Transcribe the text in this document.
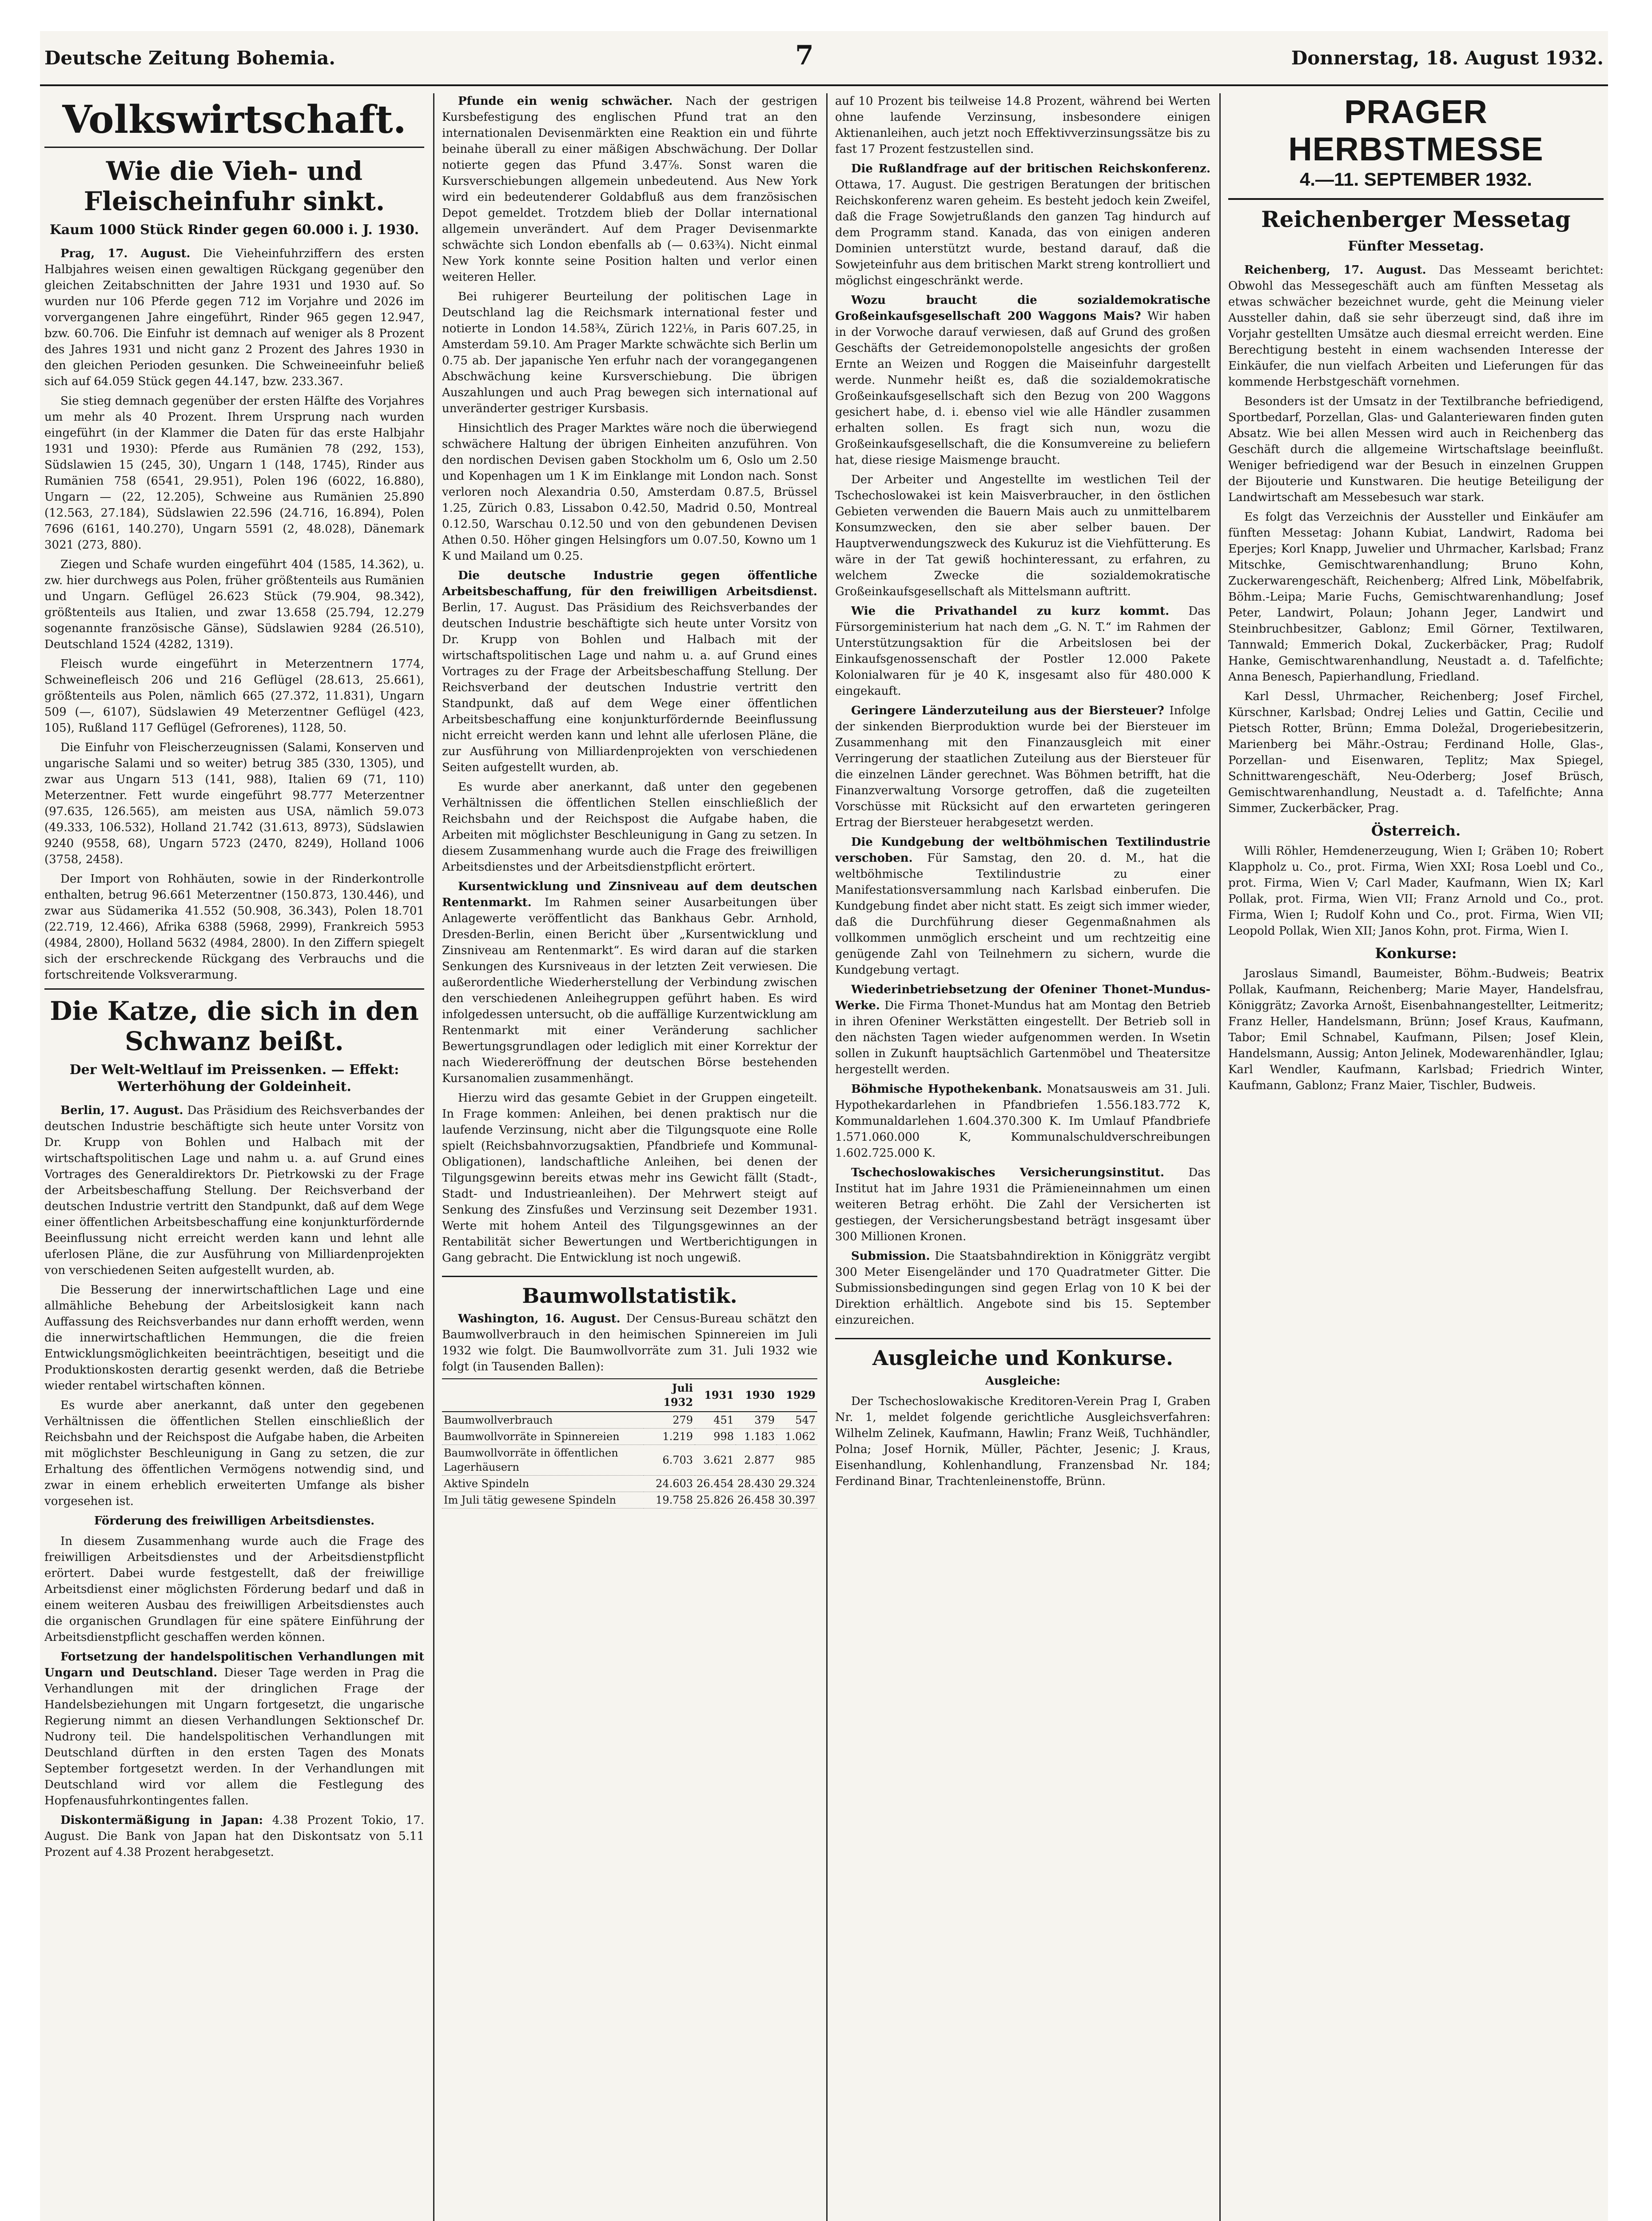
Deutsche Zeitung Bohemia.	7	Donnerstag, 18. August 1932.
Volkswirtschaft.
Wie die Vieh- und Fleischeinfuhr sinkt.
Kaum 1000 Stück Rinder gegen 60.000 i. J. 1930.

Prag, 17. August. Die Vieheinfuhrziffern des ersten Halbjahres weisen einen gewaltigen Rückgang gegenüber den gleichen Zeitabschnitten der Jahre 1931 und 1930 auf. So wurden nur 106 Pferde gegen 712 im Vorjahre und 2026 im vorvergangenen Jahre eingeführt, Rinder 965 gegen 12.947, bzw. 60.706. Die Einfuhr ist demnach auf weniger als 8 Prozent des Jahres 1931 und nicht ganz 2 Prozent des Jahres 1930 in den gleichen Perioden gesunken. Die Schweineeinfuhr beließ sich auf 64.059 Stück gegen 44.147, bzw. 233.367.

Sie stieg demnach gegenüber der ersten Hälfte des Vorjahres um mehr als 40 Prozent. Ihrem Ursprung nach wurden eingeführt (in der Klammer die Daten für das erste Halbjahr 1931 und 1930): Pferde aus Rumänien 78 (292, 153), Südslawien 15 (245, 30), Ungarn 1 (148, 1745), Rinder aus Rumänien 758 (6541, 29.951), Polen 196 (6022, 16.880), Ungarn — (22, 12.205), Schweine aus Rumänien 25.890 (12.563, 27.184), Südslawien 22.596 (24.716, 16.894), Polen 7696 (6161, 140.270), Ungarn 5591 (2, 48.028), Dänemark 3021 (273, 880).

Ziegen und Schafe wurden eingeführt 404 (1585, 14.362), u. zw. hier durchwegs aus Polen, früher größtenteils aus Rumänien und Ungarn. Geflügel 26.623 Stück (79.904, 98.342), größtenteils aus Italien, und zwar 13.658 (25.794, 12.279 sogenannte französische Gänse), Südslawien 9284 (26.510), Deutschland 1524 (4282, 1319).

Fleisch wurde eingeführt in Meterzentnern 1774, Schweinefleisch 206 und 216 Geflügel (28.613, 25.661), größtenteils aus Polen, nämlich 665 (27.372, 11.831), Ungarn 509 (—, 6107), Südslawien 49 Meterzentner Geflügel (423, 105), Rußland 117 Geflügel (Gefrorenes), 1128, 50.

Die Einfuhr von Fleischerzeugnissen (Salami, Konserven und ungarische Salami und so weiter) betrug 385 (330, 1305), und zwar aus Ungarn 513 (141, 988), Italien 69 (71, 110) Meterzentner. Fett wurde eingeführt 98.777 Meterzentner (97.635, 126.565), am meisten aus USA, nämlich 59.073 (49.333, 106.532), Holland 21.742 (31.613, 8973), Südslawien 9240 (9558, 68), Ungarn 5723 (2470, 8249), Holland 1006 (3758, 2458).

Der Import von Rohhäuten, sowie in der Rinderkontrolle enthalten, betrug 96.661 Meterzentner (150.873, 130.446), und zwar aus Südamerika 41.552 (50.908, 36.343), Polen 18.701 (22.719, 12.466), Afrika 6388 (5968, 2999), Frankreich 5953 (4984, 2800), Holland 5632 (4984, 2800). In den Ziffern spiegelt sich der erschreckende Rückgang des Verbrauchs und die fortschreitende Volksverarmung.

Die Katze, die sich in den Schwanz beißt.
Der Welt-Weltlauf im Preissenken. — Effekt: Werterhöhung der Goldeinheit.

Berlin, 17. August. Das Präsidium des Reichsverbandes der deutschen Industrie beschäftigte sich heute unter Vorsitz von Dr. Krupp von Bohlen und Halbach mit der wirtschaftspolitischen Lage und nahm u. a. auf Grund eines Vortrages des Generaldirektors Dr. Pietrkowski zu der Frage der Arbeitsbeschaffung Stellung. Der Reichsverband der deutschen Industrie vertritt den Standpunkt, daß auf dem Wege einer öffentlichen Arbeitsbeschaffung eine konjunkturfördernde Beeinflussung nicht erreicht werden kann und lehnt alle uferlosen Pläne, die zur Ausführung von Milliardenprojekten von verschiedenen Seiten aufgestellt wurden, ab.

Die Besserung der innerwirtschaftlichen Lage und eine allmähliche Behebung der Arbeitslosigkeit kann nach Auffassung des Reichsverbandes nur dann erhofft werden, wenn die innerwirtschaftlichen Hemmungen, die die freien Entwicklungsmöglichkeiten beeinträchtigen, beseitigt und die Produktionskosten derartig gesenkt werden, daß die Betriebe wieder rentabel wirtschaften können.

Es wurde aber anerkannt, daß unter den gegebenen Verhältnissen die öffentlichen Stellen einschließlich der Reichsbahn und der Reichspost die Aufgabe haben, die Arbeiten mit möglichster Beschleunigung in Gang zu setzen, die zur Erhaltung des öffentlichen Vermögens notwendig sind, und zwar in einem erheblich erweiterten Umfange als bisher vorgesehen ist.

Förderung des freiwilligen Arbeitsdienstes.

In diesem Zusammenhang wurde auch die Frage des freiwilligen Arbeitsdienstes und der Arbeitsdienstpflicht erörtert. Dabei wurde festgestellt, daß der freiwillige Arbeitsdienst einer möglichsten Förderung bedarf und daß in einem weiteren Ausbau des freiwilligen Arbeitsdienstes auch die organischen Grundlagen für eine spätere Einführung der Arbeitsdienstpflicht geschaffen werden können.

Fortsetzung der handelspolitischen Verhandlungen mit Ungarn und Deutschland. Dieser Tage werden in Prag die Verhandlungen mit der dringlichen Frage der Handelsbeziehungen mit Ungarn fortgesetzt, die ungarische Regierung nimmt an diesen Verhandlungen Sektionschef Dr. Nudrony teil. Die handelspolitischen Verhandlungen mit Deutschland dürften in den ersten Tagen des Monats September fortgesetzt werden. In der Verhandlungen mit Deutschland wird vor allem die Festlegung des Hopfenausfuhrkontingentes fallen.

Diskontermäßigung in Japan: 4.38 Prozent Tokio, 17. August. Die Bank von Japan hat den Diskontsatz von 5.11 Prozent auf 4.38 Prozent herabgesetzt.

Pfunde ein wenig schwächer. Nach der gestrigen Kursbefestigung des englischen Pfund trat an den internationalen Devisenmärkten eine Reaktion ein und führte beinahe überall zu einer mäßigen Abschwächung. Der Dollar notierte gegen das Pfund 3.47⅞. Sonst waren die Kursverschiebungen allgemein unbedeutend. Aus New York wird ein bedeutenderer Goldabfluß aus dem französischen Depot gemeldet. Trotzdem blieb der Dollar international allgemein unverändert. Auf dem Prager Devisenmarkte schwächte sich London ebenfalls ab (— 0.63¾). Nicht einmal New York konnte seine Position halten und verlor einen weiteren Heller.

Bei ruhigerer Beurteilung der politischen Lage in Deutschland lag die Reichsmark international fester und notierte in London 14.58¾, Zürich 122⅛, in Paris 607.25, in Amsterdam 59.10. Am Prager Markte schwächte sich Berlin um 0.75 ab. Der japanische Yen erfuhr nach der vorangegangenen Abschwächung keine Kursverschiebung. Die übrigen Auszahlungen und auch Prag bewegen sich international auf unveränderter gestriger Kursbasis.

Hinsichtlich des Prager Marktes wäre noch die überwiegend schwächere Haltung der übrigen Einheiten anzuführen. Von den nordischen Devisen gaben Stockholm um 6, Oslo um 2.50 und Kopenhagen um 1 K im Einklange mit London nach. Sonst verloren noch Alexandria 0.50, Amsterdam 0.87.5, Brüssel 1.25, Zürich 0.83, Lissabon 0.42.50, Madrid 0.50, Montreal 0.12.50, Warschau 0.12.50 und von den gebundenen Devisen Athen 0.50. Höher gingen Helsingfors um 0.07.50, Kowno um 1 K und Mailand um 0.25.

Die deutsche Industrie gegen öffentliche Arbeitsbeschaffung, für den freiwilligen Arbeitsdienst. Berlin, 17. August. Das Präsidium des Reichsverbandes der deutschen Industrie beschäftigte sich heute unter Vorsitz von Dr. Krupp von Bohlen und Halbach mit der wirtschaftspolitischen Lage und nahm u. a. auf Grund eines Vortrages zu der Frage der Arbeitsbeschaffung Stellung. Der Reichsverband der deutschen Industrie vertritt den Standpunkt, daß auf dem Wege einer öffentlichen Arbeitsbeschaffung eine konjunkturfördernde Beeinflussung nicht erreicht werden kann und lehnt alle uferlosen Pläne, die zur Ausführung von Milliardenprojekten von verschiedenen Seiten aufgestellt wurden, ab.

Es wurde aber anerkannt, daß unter den gegebenen Verhältnissen die öffentlichen Stellen einschließlich der Reichsbahn und der Reichspost die Aufgabe haben, die Arbeiten mit möglichster Beschleunigung in Gang zu setzen. In diesem Zusammenhang wurde auch die Frage des freiwilligen Arbeitsdienstes und der Arbeitsdienstpflicht erörtert.

Kursentwicklung und Zinsniveau auf dem deutschen Rentenmarkt. Im Rahmen seiner Ausarbeitungen über Anlagewerte veröffentlicht das Bankhaus Gebr. Arnhold, Dresden-Berlin, einen Bericht über „Kursentwicklung und Zinsniveau am Rentenmarkt“. Es wird daran auf die starken Senkungen des Kursniveaus in der letzten Zeit verwiesen. Die außerordentliche Wiederherstellung der Verbindung zwischen den verschiedenen Anleihegruppen geführt haben. Es wird infolgedessen untersucht, ob die auffällige Kurzentwicklung am Rentenmarkt mit einer Veränderung sachlicher Bewertungsgrundlagen oder lediglich mit einer Korrektur der nach Wiedereröffnung der deutschen Börse bestehenden Kursanomalien zusammenhängt.

Hierzu wird das gesamte Gebiet in der Gruppen eingeteilt. In Frage kommen: Anleihen, bei denen praktisch nur die laufende Verzinsung, nicht aber die Tilgungsquote eine Rolle spielt (Reichsbahnvorzugsaktien, Pfandbriefe und Kommunal-Obligationen), landschaftliche Anleihen, bei denen der Tilgungsgewinn bereits etwas mehr ins Gewicht fällt (Stadt-, Stadt- und Industrieanleihen). Der Mehrwert steigt auf Senkung des Zinsfußes und Verzinsung seit Dezember 1931. Werte mit hohem Anteil des Tilgungsgewinnes an der Rentabilität sicher Bewertungen und Wertberichtigungen in Gang gebracht. Die Entwicklung ist noch ungewiß.

Baumwollstatistik.

Washington, 16. August. Der Census-Bureau schätzt den Baumwollverbrauch in den heimischen Spinnereien im Juli 1932 wie folgt. Die Baumwollvorräte zum 31. Juli 1932 wie folgt (in Tausenden Ballen):

	Juli 1932	1931	1930	1929
Baumwollverbrauch	279	451	379	547
Baumwollvorräte in Spinnereien	1.219	998	1.183	1.062
Baumwollvorräte in öffentlichen Lagerhäusern	6.703	3.621	2.877	985
Aktive Spindeln	24.603	26.454	28.430	29.324
Im Juli tätig gewesene Spindeln	19.758	25.826	26.458	30.397

auf 10 Prozent bis teilweise 14.8 Prozent, während bei Werten ohne laufende Verzinsung, insbesondere einigen Aktienanleihen, auch jetzt noch Effektivverzinsungssätze bis zu fast 17 Prozent festzustellen sind.

Die Rußlandfrage auf der britischen Reichskonferenz. Ottawa, 17. August. Die gestrigen Beratungen der britischen Reichskonferenz waren geheim. Es besteht jedoch kein Zweifel, daß die Frage Sowjetrußlands den ganzen Tag hindurch auf dem Programm stand. Kanada, das von einigen anderen Dominien unterstützt wurde, bestand darauf, daß die Sowjeteinfuhr aus dem britischen Markt streng kontrolliert und möglichst eingeschränkt werde.

Wozu braucht die sozialdemokratische Großeinkaufsgesellschaft 200 Waggons Mais? Wir haben in der Vorwoche darauf verwiesen, daß auf Grund des großen Geschäfts der Getreidemonopolstelle angesichts der großen Ernte an Weizen und Roggen die Maiseinfuhr dargestellt werde. Nunmehr heißt es, daß die sozialdemokratische Großeinkaufsgesellschaft sich den Bezug von 200 Waggons gesichert habe, d. i. ebenso viel wie alle Händler zusammen erhalten sollen. Es fragt sich nun, wozu die Großeinkaufsgesellschaft, die die Konsumvereine zu beliefern hat, diese riesige Maismenge braucht.

Der Arbeiter und Angestellte im westlichen Teil der Tschechoslowakei ist kein Maisverbraucher, in den östlichen Gebieten verwenden die Bauern Mais auch zu unmittelbarem Konsumzwecken, den sie aber selber bauen. Der Hauptverwendungszweck des Kukuruz ist die Viehfütterung. Es wäre in der Tat gewiß hochinteressant, zu erfahren, zu welchem Zwecke die sozialdemokratische Großeinkaufsgesellschaft als Mittelsmann auftritt.

Wie die Privathandel zu kurz kommt. Das Fürsorgeministerium hat nach dem „G. N. T.“ im Rahmen der Unterstützungsaktion für die Arbeitslosen bei der Einkaufsgenossenschaft der Postler 12.000 Pakete Kolonialwaren für je 40 K, insgesamt also für 480.000 K eingekauft.

Geringere Länderzuteilung aus der Biersteuer? Infolge der sinkenden Bierproduktion wurde bei der Biersteuer im Zusammenhang mit den Finanzausgleich mit einer Verringerung der staatlichen Zuteilung aus der Biersteuer für die einzelnen Länder gerechnet. Was Böhmen betrifft, hat die Finanzverwaltung Vorsorge getroffen, daß die zugeteilten Vorschüsse mit Rücksicht auf den erwarteten geringeren Ertrag der Biersteuer herabgesetzt werden.

Die Kundgebung der weltböhmischen Textilindustrie verschoben. Für Samstag, den 20. d. M., hat die weltböhmische Textilindustrie zu einer Manifestationsversammlung nach Karlsbad einberufen. Die Kundgebung findet aber nicht statt. Es zeigt sich immer wieder, daß die Durchführung dieser Gegenmaßnahmen als vollkommen unmöglich erscheint und um rechtzeitig eine genügende Zahl von Teilnehmern zu sichern, wurde die Kundgebung vertagt.

Wiederinbetriebsetzung der Ofeniner Thonet-Mundus-Werke. Die Firma Thonet-Mundus hat am Montag den Betrieb in ihren Ofeniner Werkstätten eingestellt. Der Betrieb soll in den nächsten Tagen wieder aufgenommen werden. In Wsetin sollen in Zukunft hauptsächlich Gartenmöbel und Theatersitze hergestellt werden.

Böhmische Hypothekenbank. Monatsausweis am 31. Juli. Hypothekardarlehen in Pfandbriefen 1.556.183.772 K, Kommunaldarlehen 1.604.370.300 K. Im Umlauf Pfandbriefe 1.571.060.000 K, Kommunalschuldverschreibungen 1.602.725.000 K.

Tschechoslowakisches Versicherungsinstitut. Das Institut hat im Jahre 1931 die Prämieneinnahmen um einen weiteren Betrag erhöht. Die Zahl der Versicherten ist gestiegen, der Versicherungsbestand beträgt insgesamt über 300 Millionen Kronen.

Submission. Die Staatsbahndirektion in Königgrätz vergibt 300 Meter Eisengeländer und 170 Quadratmeter Gitter. Die Submissionsbedingungen sind gegen Erlag von 10 K bei der Direktion erhältlich. Angebote sind bis 15. September einzureichen.

Ausgleiche und Konkurse.
Ausgleiche:

Der Tschechoslowakische Kreditoren-Verein Prag I, Graben Nr. 1, meldet folgende gerichtliche Ausgleichsverfahren: Wilhelm Zelinek, Kaufmann, Hawlin; Franz Weiß, Tuchhändler, Polna; Josef Hornik, Müller, Pächter, Jesenic; J. Kraus, Eisenhandlung, Kohlenhandlung, Franzensbad Nr. 184; Ferdinand Binar, Trachtenleinenstoffe, Brünn.

PRAGER HERBSTMESSE
4.—11. SEPTEMBER 1932.
Reichenberger Messetag
Fünfter Messetag.

Reichenberg, 17. August. Das Messeamt berichtet: Obwohl das Messegeschäft auch am fünften Messetag als etwas schwächer bezeichnet wurde, geht die Meinung vieler Aussteller dahin, daß sie sehr überzeugt sind, daß ihre im Vorjahr gestellten Umsätze auch diesmal erreicht werden. Eine Berechtigung besteht in einem wachsenden Interesse der Einkäufer, die nun vielfach Arbeiten und Lieferungen für das kommende Herbstgeschäft vornehmen.

Besonders ist der Umsatz in der Textilbranche befriedigend, Sportbedarf, Porzellan, Glas- und Galanteriewaren finden guten Absatz. Wie bei allen Messen wird auch in Reichenberg das Geschäft durch die allgemeine Wirtschaftslage beeinflußt. Weniger befriedigend war der Besuch in einzelnen Gruppen der Bijouterie und Kunstwaren. Die heutige Beteiligung der Landwirtschaft am Messebesuch war stark.

Es folgt das Verzeichnis der Aussteller und Einkäufer am fünften Messetag: Johann Kubiat, Landwirt, Radoma bei Eperjes; Korl Knapp, Juwelier und Uhrmacher, Karlsbad; Franz Mitschke, Gemischtwarenhandlung; Bruno Kohn, Zuckerwarengeschäft, Reichenberg; Alfred Link, Möbelfabrik, Böhm.-Leipa; Marie Fuchs, Gemischtwarenhandlung; Josef Peter, Landwirt, Polaun; Johann Jeger, Landwirt und Steinbruchbesitzer, Gablonz; Emil Görner, Textilwaren, Tannwald; Emmerich Dokal, Zuckerbäcker, Prag; Rudolf Hanke, Gemischtwarenhandlung, Neustadt a. d. Tafelfichte; Anna Benesch, Papierhandlung, Friedland.

Karl Dessl, Uhrmacher, Reichenberg; Josef Firchel, Kürschner, Karlsbad; Ondrej Lelies und Gattin, Cecilie und Pietsch Rotter, Brünn; Emma Doležal, Drogeriebesitzerin, Marienberg bei Mähr.-Ostrau; Ferdinand Holle, Glas-, Porzellan- und Eisenwaren, Teplitz; Max Spiegel, Schnittwarengeschäft, Neu-Oderberg; Josef Brüsch, Gemischtwarenhandlung, Neustadt a. d. Tafelfichte; Anna Simmer, Zuckerbäcker, Prag.

Österreich.

Willi Röhler, Hemdenerzeugung, Wien I; Gräben 10; Robert Klappholz u. Co., prot. Firma, Wien XXI; Rosa Loebl und Co., prot. Firma, Wien V; Carl Mader, Kaufmann, Wien IX; Karl Pollak, prot. Firma, Wien VII; Franz Arnold und Co., prot. Firma, Wien I; Rudolf Kohn und Co., prot. Firma, Wien VII; Leopold Pollak, Wien XII; Janos Kohn, prot. Firma, Wien I.

Konkurse:

Jaroslaus Simandl, Baumeister, Böhm.-Budweis; Beatrix Pollak, Kaufmann, Reichenberg; Marie Mayer, Handelsfrau, Königgrätz; Zavorka Arnošt, Eisenbahnangestellter, Leitmeritz; Franz Heller, Handelsmann, Brünn; Josef Kraus, Kaufmann, Tabor; Emil Schnabel, Kaufmann, Pilsen; Josef Klein, Handelsmann, Aussig; Anton Jelinek, Modewarenhändler, Iglau; Karl Wendler, Kaufmann, Karlsbad; Friedrich Winter, Kaufmann, Gablonz; Franz Maier, Tischler, Budweis.
